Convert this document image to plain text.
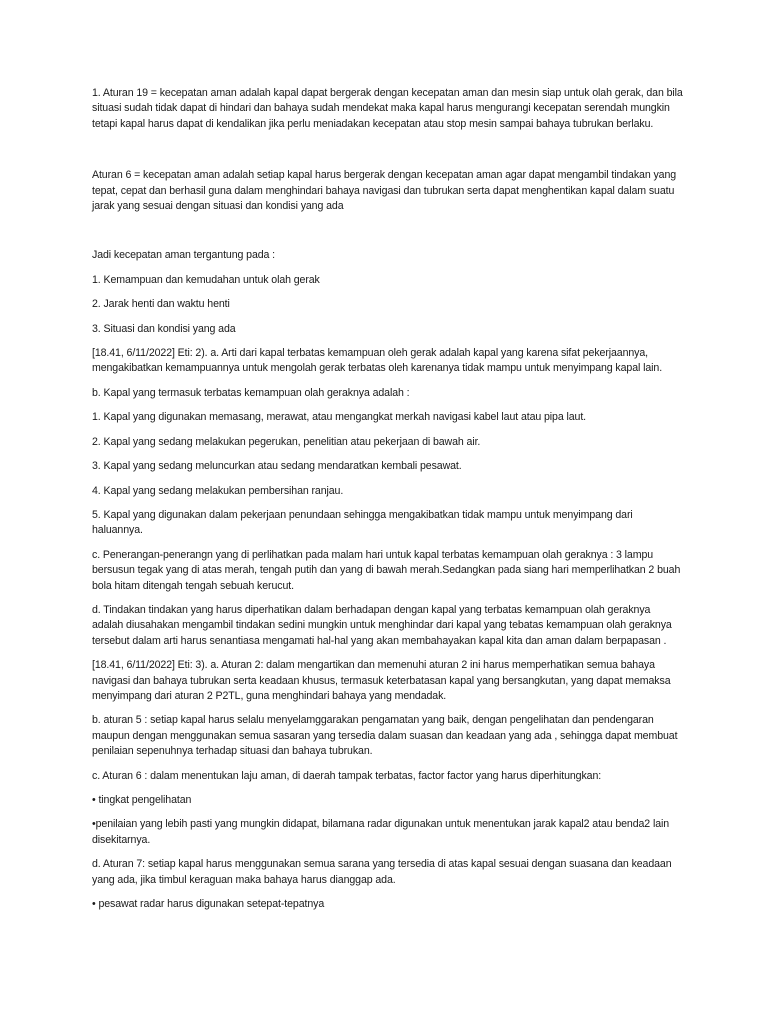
1. Aturan 19 = kecepatan aman adalah kapal dapat bergerak dengan kecepatan aman dan mesin siap untuk olah gerak, dan bila situasi sudah tidak dapat di hindari dan bahaya sudah mendekat maka kapal harus mengurangi kecepatan serendah mungkin tetapi kapal harus dapat di kendalikan jika perlu meniadakan kecepatan atau stop mesin sampai bahaya tubrukan berlaku.

Aturan 6 = kecepatan aman adalah setiap kapal harus bergerak dengan kecepatan aman agar dapat mengambil tindakan yang tepat, cepat dan berhasil guna dalam menghindari bahaya navigasi dan tubrukan serta dapat menghentikan kapal dalam suatu jarak yang sesuai dengan situasi dan kondisi yang ada

Jadi kecepatan aman tergantung pada :

1. Kemampuan dan kemudahan untuk olah gerak

2. Jarak henti dan waktu henti

3. Situasi dan kondisi yang ada

[18.41, 6/11/2022] Eti: 2). a. Arti dari kapal terbatas kemampuan oleh gerak adalah kapal yang karena sifat pekerjaannya, mengakibatkan kemampuannya untuk mengolah gerak terbatas oleh karenanya tidak mampu untuk menyimpang kapal lain.

b. Kapal yang termasuk terbatas kemampuan olah geraknya adalah :

1. Kapal yang digunakan memasang, merawat, atau mengangkat merkah navigasi kabel laut atau pipa laut.

2. Kapal yang sedang melakukan pegerukan, penelitian atau pekerjaan di bawah air.

3. Kapal yang sedang meluncurkan atau sedang mendaratkan kembali pesawat.

4. Kapal yang sedang melakukan pembersihan ranjau.

5. Kapal yang digunakan dalam pekerjaan penundaan sehingga mengakibatkan tidak mampu untuk menyimpang dari haluannya.

c. Penerangan-penerangn yang di perlihatkan pada malam hari untuk kapal terbatas kemampuan olah geraknya : 3 lampu bersusun tegak yang di atas merah, tengah putih dan yang di bawah merah.Sedangkan pada siang hari memperlihatkan 2 buah bola hitam ditengah tengah sebuah kerucut.

d. Tindakan tindakan yang harus diperhatikan dalam berhadapan dengan kapal yang terbatas kemampuan olah geraknya adalah diusahakan mengambil tindakan sedini mungkin untuk menghindar dari kapal yang tebatas kemampuan olah geraknya tersebut dalam arti harus senantiasa mengamati hal-hal yang akan membahayakan kapal kita dan aman dalam berpapasan .

[18.41, 6/11/2022] Eti: 3). a. Aturan 2: dalam mengartikan dan memenuhi aturan 2 ini harus memperhatikan semua bahaya navigasi dan bahaya tubrukan serta keadaan khusus, termasuk keterbatasan kapal yang bersangkutan, yang dapat memaksa menyimpang dari aturan 2 P2TL, guna menghindari bahaya yang mendadak.

b. aturan 5 : setiap kapal harus selalu menyelamggarakan pengamatan yang baik, dengan pengelihatan dan pendengaran maupun dengan menggunakan semua sasaran yang tersedia dalam suasan dan keadaan yang ada , sehingga dapat membuat penilaian sepenuhnya terhadap situasi dan bahaya tubrukan.

c. Aturan 6 : dalam menentukan laju aman, di daerah tampak terbatas, factor factor yang harus diperhitungkan:

• tingkat pengelihatan

•penilaian yang lebih pasti yang mungkin didapat, bilamana radar digunakan untuk menentukan jarak kapal2 atau benda2 lain disekitarnya.

d. Aturan 7: setiap kapal harus menggunakan semua sarana yang tersedia di atas kapal sesuai dengan suasana dan keadaan yang ada, jika timbul keraguan maka bahaya harus dianggap ada.

• pesawat radar harus digunakan setepat-tepatnya
